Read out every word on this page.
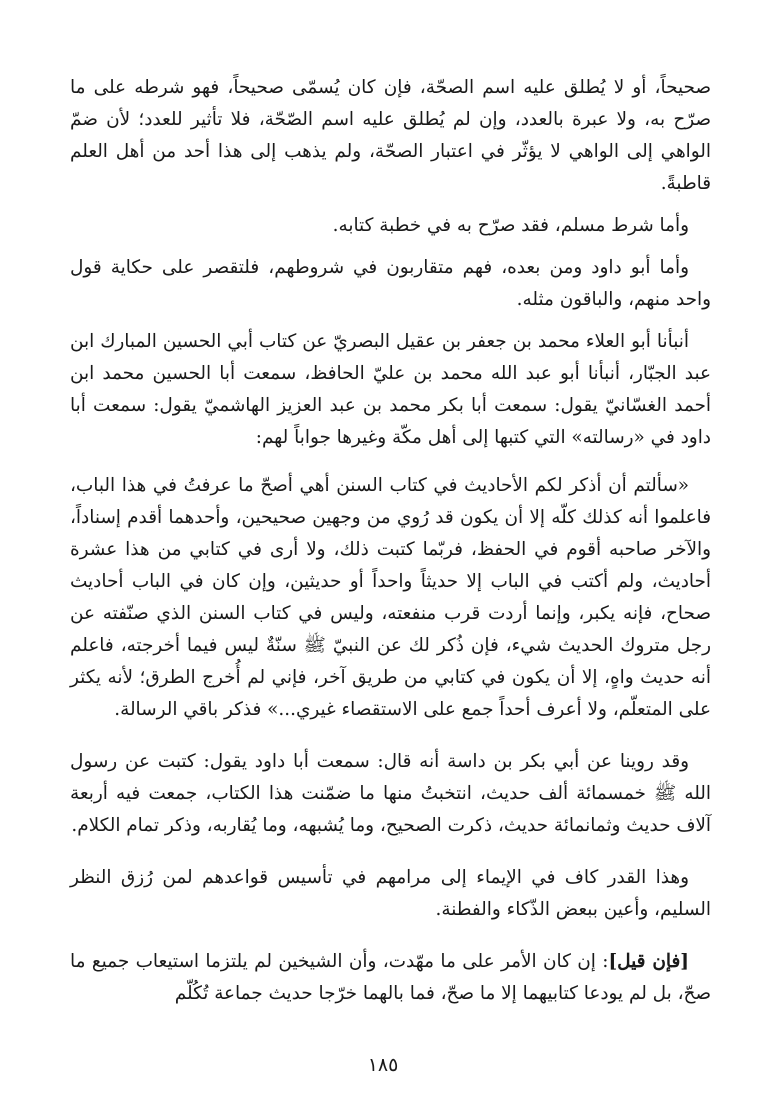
صحيحاً، أو لا يُطلق عليه اسم الصحّة، فإن كان يُسمّى صحيحاً، فهو شرطه على ما صرّح به، ولا عبرة بالعدد، وإن لم يُطلق عليه اسم الصّحّة، فلا تأثير للعدد؛ لأن ضمّ الواهي إلى الواهي لا يؤثّر في اعتبار الصحّة، ولم يذهب إلى هذا أحد من أهل العلم قاطبةً.

وأما شرط مسلم، فقد صرّح به في خطبة كتابه.

وأما أبو داود ومن بعده، فهم متقاربون في شروطهم، فلتقصر على حكاية قول واحد منهم، والباقون مثله.

أنبأنا أبو العلاء محمد بن جعفر بن عقيل البصريّ عن كتاب أبي الحسين المبارك ابن عبد الجبّار، أنبأنا أبو عبد الله محمد بن عليّ الحافظ، سمعت أبا الحسين محمد ابن أحمد الغسّانيّ يقول: سمعت أبا بكر محمد بن عبد العزيز الهاشميّ يقول: سمعت أبا داود في «رسالته» التي كتبها إلى أهل مكّة وغيرها جواباً لهم:

«سألتم أن أذكر لكم الأحاديث في كتاب السنن أهي أصحّ ما عرفتُ في هذا الباب، فاعلموا أنه كذلك كلّه إلا أن يكون قد رُوي من وجهين صحيحين، وأحدهما أقدم إسناداً، والآخر صاحبه أقوم في الحفظ، فربّما كتبت ذلك، ولا أرى في كتابي من هذا عشرة أحاديث، ولم أكتب في الباب إلا حديثاً واحداً أو حديثين، وإن كان في الباب أحاديث صحاح، فإنه يكبر، وإنما أردت قرب منفعته، وليس في كتاب السنن الذي صنّفته عن رجل متروك الحديث شيء، فإن ذُكر لك عن النبيّ ﷺ سنّةٌ ليس فيما أخرجته، فاعلم أنه حديث واهٍ، إلا أن يكون في كتابي من طريق آخر، فإني لم أُخرج الطرق؛ لأنه يكثر على المتعلّم، ولا أعرف أحداً جمع على الاستقصاء غيري...» فذكر باقي الرسالة.

وقد روينا عن أبي بكر بن داسة أنه قال: سمعت أبا داود يقول: كتبت عن رسول الله ﷺ خمسمائة ألف حديث، انتخبتُ منها ما ضمّنت هذا الكتاب، جمعت فيه أربعة آلاف حديث وثمانمائة حديث، ذكرت الصحيح، وما يُشبهه، وما يُقاربه، وذكر تمام الكلام.

وهذا القدر كاف في الإيماء إلى مرامهم في تأسيس قواعدهم لمن رُزق النظر السليم، وأعين ببعض الذّكاء والفطنة.

[فإن قيل]: إن كان الأمر على ما مهّدت، وأن الشيخين لم يلتزما استيعاب جميع ما صحّ، بل لم يودعا كتابيهما إلا ما صحّ، فما بالهما خرّجا حديث جماعة تُكُلّم

١٨٥
